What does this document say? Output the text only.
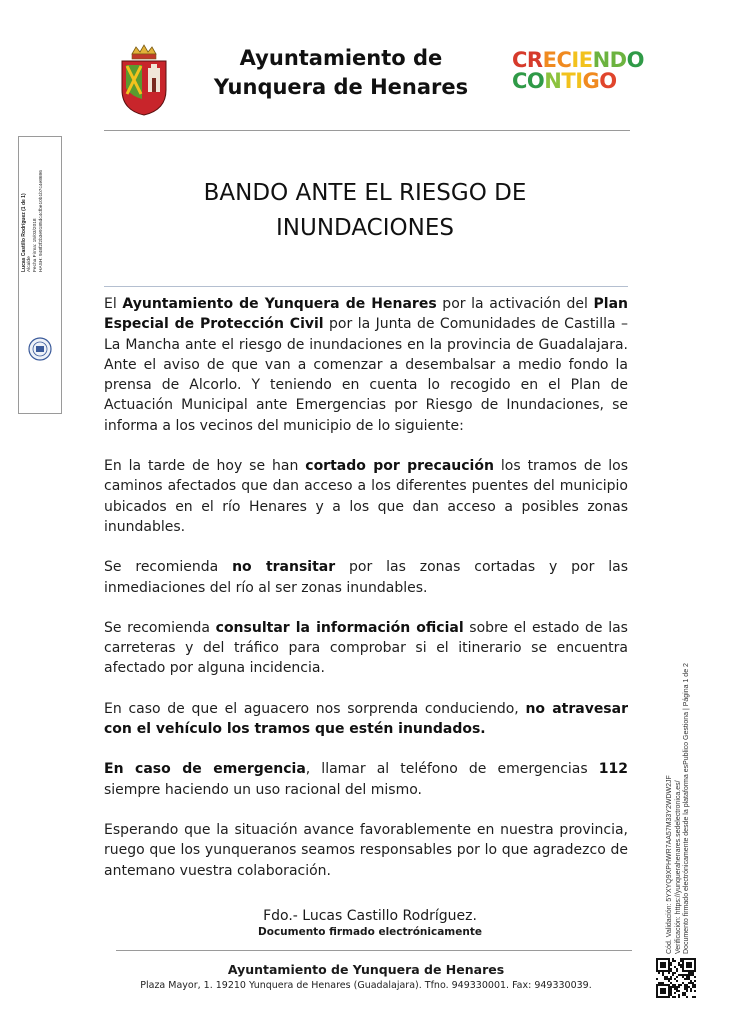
Ayuntamiento de
Yunquera de Henares
CRECIENDO
CONTIGO
BANDO ANTE EL RIESGO DE
INUNDACIONES

El Ayuntamiento de Yunquera de Henares por la activación del Plan Especial de Protección Civil por la Junta de Comunidades de Castilla – La Mancha ante el riesgo de inundaciones en la provincia de Guadalajara. Ante el aviso de que van a comenzar a desembalsar a medio fondo la prensa de Alcorlo. Y teniendo en cuenta lo recogido en el Plan de Actuación Municipal ante Emergencias por Riesgo de Inundaciones, se informa a los vecinos del municipio de lo siguiente:

En la tarde de hoy se han cortado por precaución los tramos de los caminos afectados que dan acceso a los diferentes puentes del municipio ubicados en el río Henares y a los que dan acceso a posibles zonas inundables.

Se recomienda no transitar por las zonas cortadas y por las inmediaciones del río al ser zonas inundables.

Se recomienda consultar la información oficial sobre el estado de las carreteras y del tráfico para comprobar si el itinerario se encuentra afectado por alguna incidencia.

En caso de que el aguacero nos sorprenda conduciendo, no atravesar con el vehículo los tramos que estén inundados.

En caso de emergencia, llamar al teléfono de emergencias 112 siempre haciendo un uso racional del mismo.

Esperando que la situación avance favorablemente en nuestra provincia, ruego que los yunqueranos seamos responsables por lo que agradezco de antemano vuestra colaboración.

Fdo.- Lucas Castillo Rodríguez.
Documento firmado electrónicamente
Ayuntamiento de Yunquera de Henares
Plaza Mayor, 1. 19210 Yunquera de Henares (Guadalajara). Tfno. 949330001. Fax: 949330039.
Lucas Castillo Rodríguez (1 de 1) Alcalde Fecha Firma: 15/03/2018 HASH: 948f2f2b3e9185dc4cfbe10b1b7c4e8696
Cód. Validación: 5YXYQ9XPHWR7AA57M33Y2WDW2JF Verificación: https://yunquerahenares.sedelectronica.es/ Documento firmado electrónicamente desde la plataforma esPublico Gestiona | Página 1 de 2
